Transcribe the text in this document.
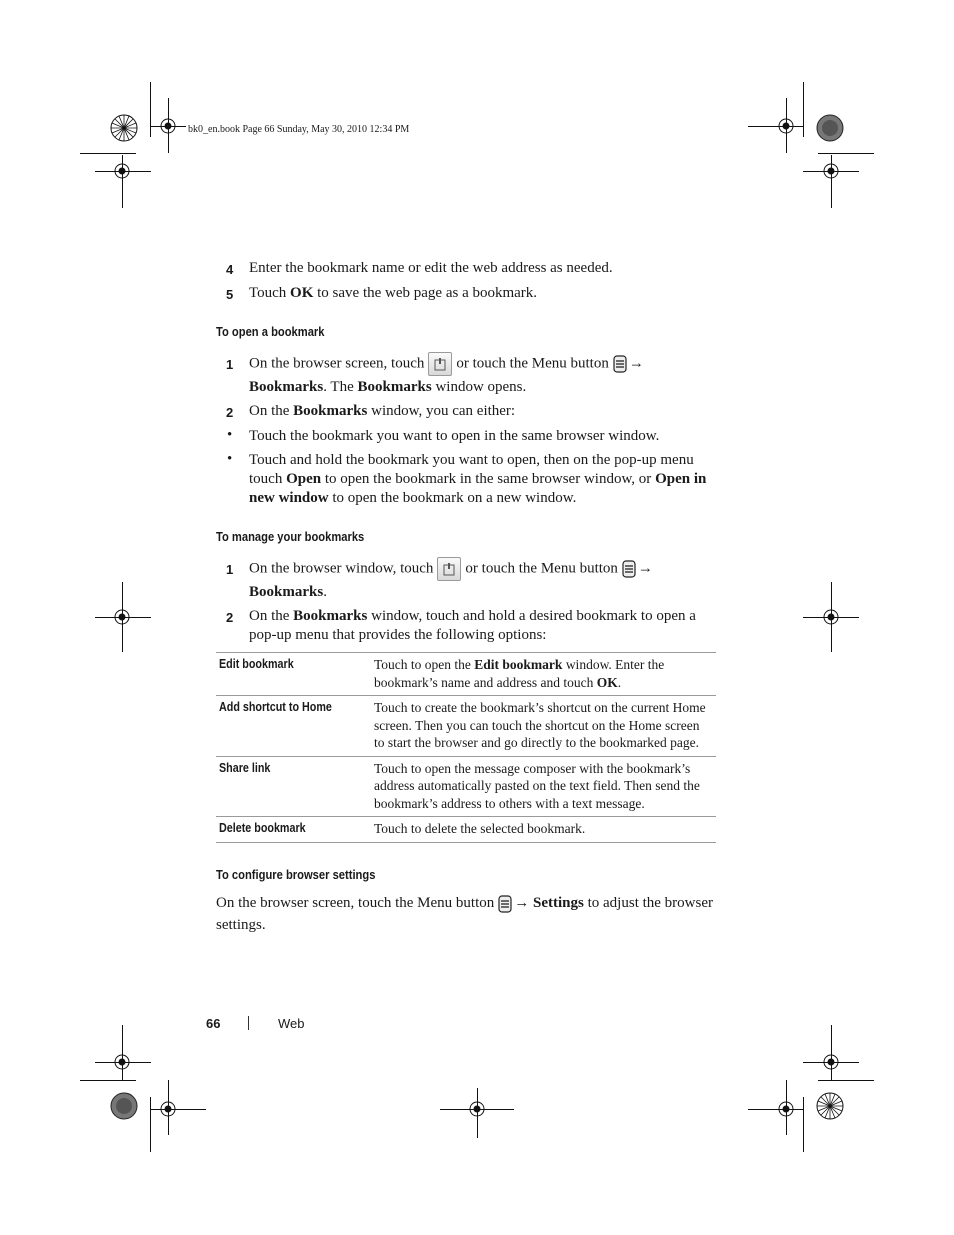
bk0_en.book Page 66 Sunday, May 30, 2010 12:34 PM
4 Enter the bookmark name or edit the web address as needed.
5 Touch OK to save the web page as a bookmark.
To open a bookmark
1 On the browser screen, touch or touch the Menu button →
Bookmarks. The Bookmarks window opens.
2 On the Bookmarks window, you can either:
• Touch the bookmark you want to open in the same browser window.
• Touch and hold the bookmark you want to open, then on the pop-up menu touch Open to open the bookmark in the same browser window, or Open in new window to open the bookmark on a new window.
To manage your bookmarks
1 On the browser window, touch or touch the Menu button →
Bookmarks.
2 On the Bookmarks window, touch and hold a desired bookmark to open a pop-up menu that provides the following options:
Edit bookmark	Touch to open the Edit bookmark window. Enter the bookmark’s name and address and touch OK.
Add shortcut to Home	Touch to create the bookmark’s shortcut on the current Home screen. Then you can touch the shortcut on the Home screen to start the browser and go directly to the bookmarked page.
Share link	Touch to open the message composer with the bookmark’s address automatically pasted on the text field. Then send the bookmark’s address to others with a text message.
Delete bookmark	Touch to delete the selected bookmark.
To configure browser settings
On the browser screen, touch the Menu button → Settings to adjust the browser settings.
66	Web
